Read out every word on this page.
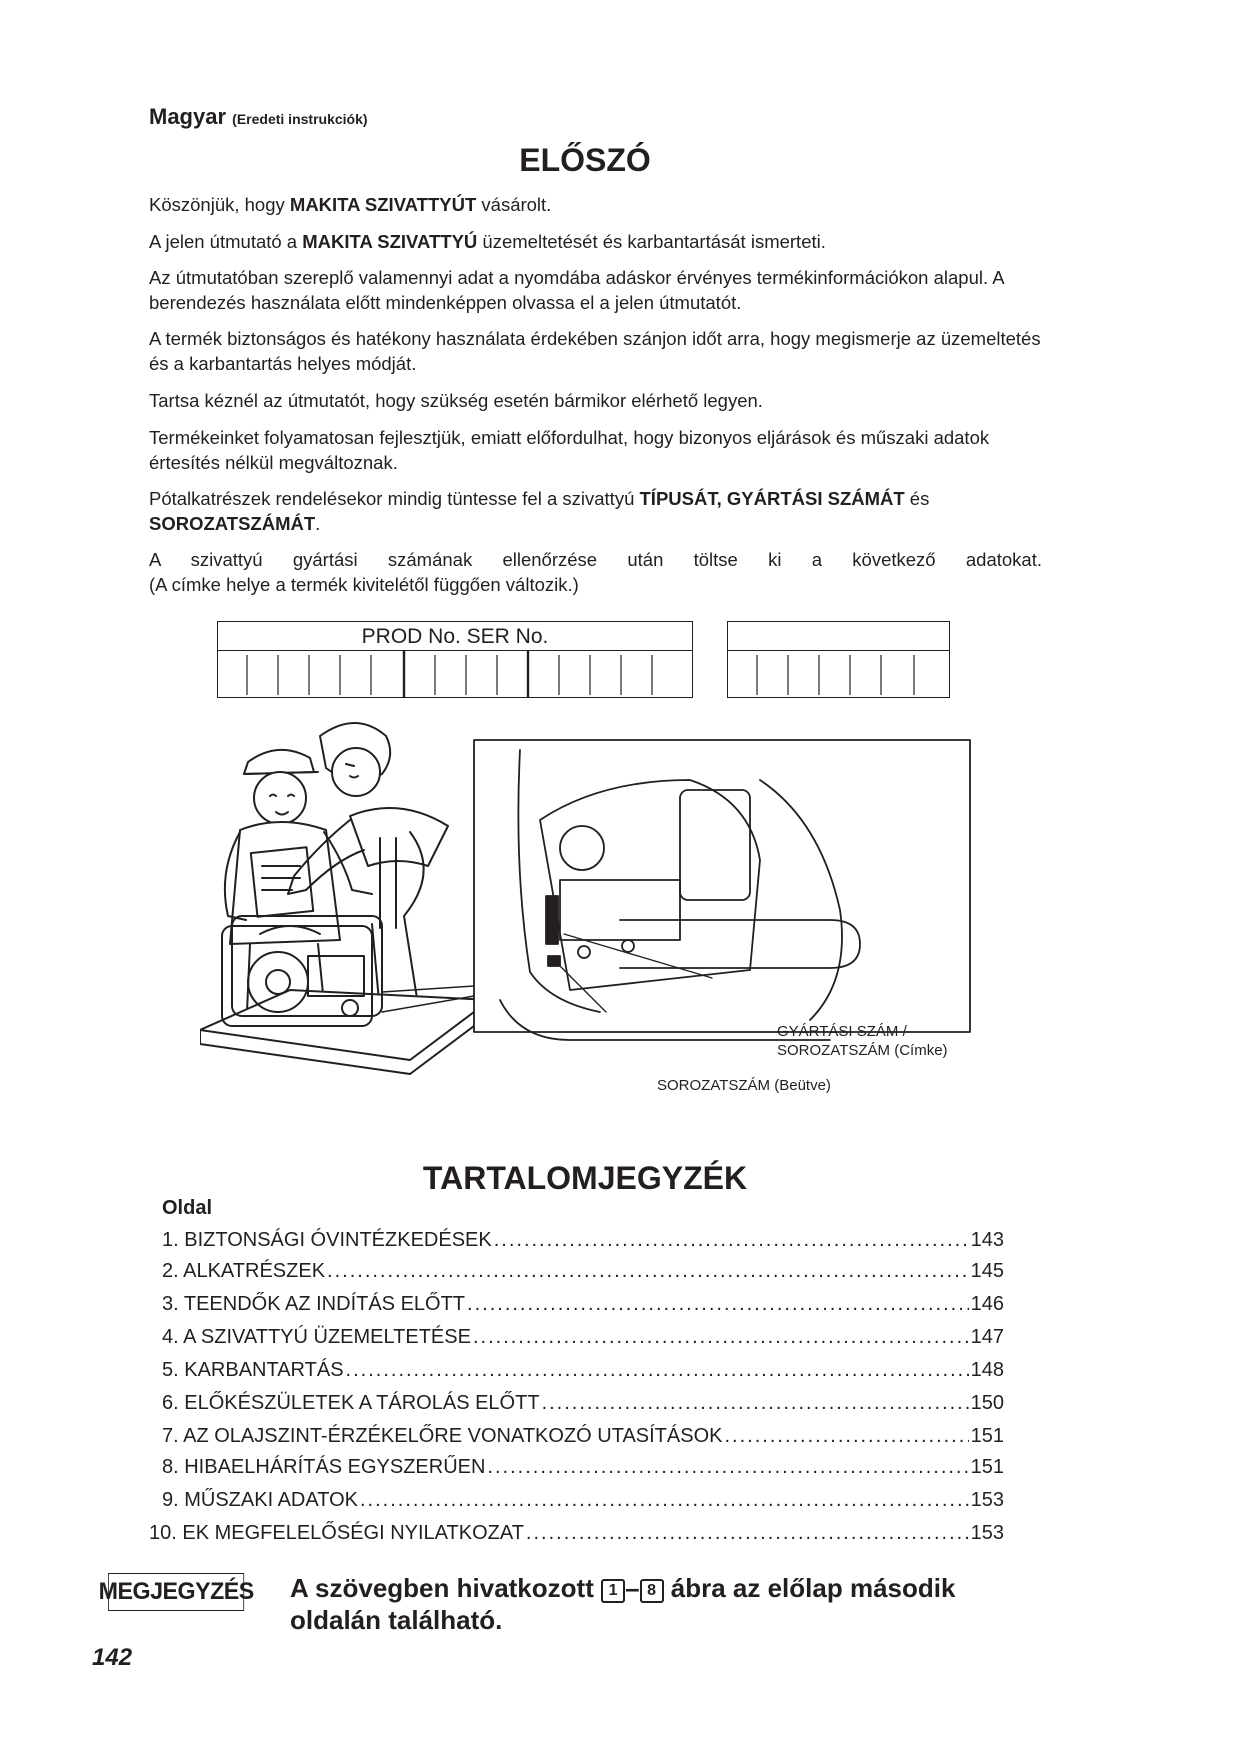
Magyar (Eredeti instrukciók)
ELŐSZÓ
Köszönjük, hogy MAKITA SZIVATTYÚT vásárolt.
A jelen útmutató a MAKITA SZIVATTYÚ üzemeltetését és karbantartását ismerteti.
Az útmutatóban szereplő valamennyi adat a nyomdába adáskor érvényes termékinformációkon alapul. A berendezés használata előtt mindenképpen olvassa el a jelen útmutatót.
A termék biztonságos és hatékony használata érdekében szánjon időt arra, hogy megismerje az üzemeltetés és a karbantartás helyes módját.
Tartsa kéznél az útmutatót, hogy szükség esetén bármikor elérhető legyen.
Termékeinket folyamatosan fejlesztjük, emiatt előfordulhat, hogy bizonyos eljárások és műszaki adatok értesítés nélkül megváltoznak.
Pótalkatrészek rendelésekor mindig tüntesse fel a szivattyú TÍPUSÁT, GYÁRTÁSI SZÁMÁT és
SOROZATSZÁMÁT.
A szivattyú gyártási számának ellenőrzése után töltse ki a következő adatokat.
(A címke helye a termék kivitelétől függően változik.)
PROD No. SER No.
GYÁRTÁSI SZÁM /
SOROZATSZÁM (Címke)
SOROZATSZÁM (Beütve)
TARTALOMJEGYZÉK
Oldal
1. BIZTONSÁGI ÓVINTÉZKEDÉSEK .....	143
2. ALKATRÉSZEK .....	145
3. TEENDŐK AZ INDÍTÁS ELŐTT .....	146
4. A SZIVATTYÚ ÜZEMELTETÉSE .....	147
5. KARBANTARTÁS .....	148
6. ELŐKÉSZÜLETEK A TÁROLÁS ELŐTT .....	150
7. AZ OLAJSZINT-ÉRZÉKELŐRE VONATKOZÓ UTASÍTÁSOK .....	151
8. HIBAELHÁRÍTÁS EGYSZERŰEN .....	151
9. MŰSZAKI ADATOK .....	153
10. EK MEGFELELŐSÉGI NYILATKOZAT .....	153
MEGJEGYZÉS A szövegben hivatkozott 1 – 8 ábra az előlap második oldalán található.
142
